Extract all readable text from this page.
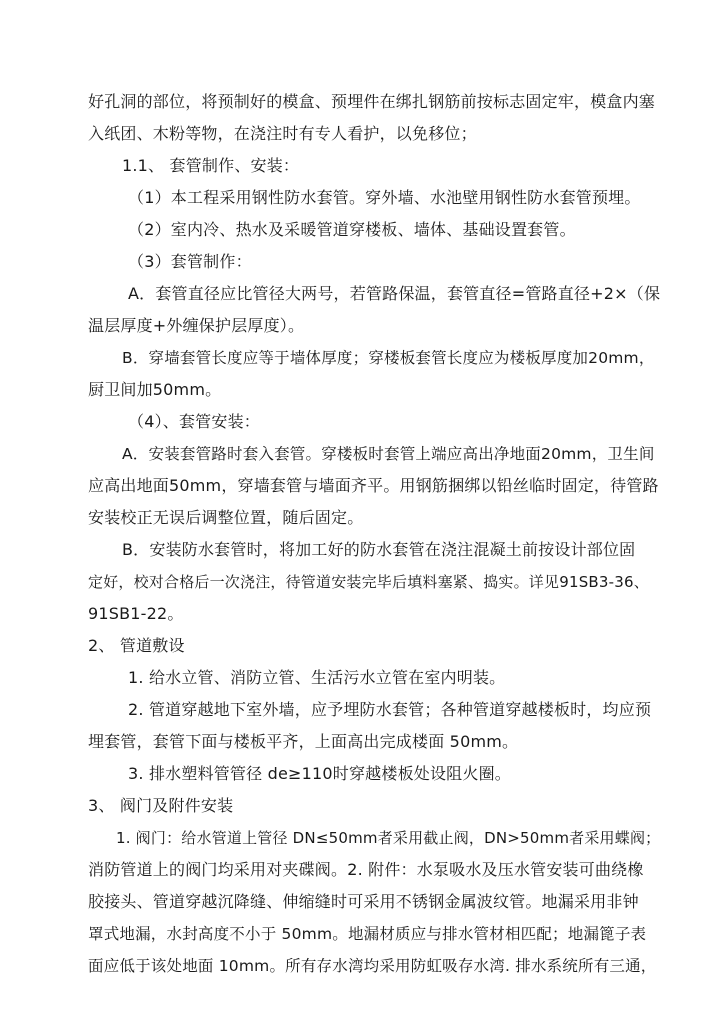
好孔洞的部位，将预制好的模盒、预埋件在绑扎钢筋前按标志固定牢，模盒内塞
入纸团、木粉等物，在浇注时有专人看护，以免移位；
1.1、 套管制作、安装：
（1）本工程采用钢性防水套管。穿外墙、水池壁用钢性防水套管预埋。
（2）室内冷、热水及采暖管道穿楼板、墙体、基础设置套管。
（3）套管制作：
A．套管直径应比管径大两号，若管路保温，套管直径=管路直径+2×（保
温层厚度+外缠保护层厚度）。
B．穿墙套管长度应等于墙体厚度；穿楼板套管长度应为楼板厚度加20mm，
厨卫间加50mm。
（4）、套管安装：
A．安装套管路时套入套管。穿楼板时套管上端应高出净地面20mm，卫生间
应高出地面50mm，穿墙套管与墙面齐平。用钢筋捆绑以铅丝临时固定，待管路
安装校正无误后调整位置，随后固定。
B．安装防水套管时，将加工好的防水套管在浇注混凝土前按设计部位固
定好，校对合格后一次浇注，待管道安装完毕后填料塞紧、捣实。详见91SB3-36、
91SB1-22。
2、 管道敷设
1. 给水立管、消防立管、生活污水立管在室内明装。
2. 管道穿越地下室外墙，应予埋防水套管；各种管道穿越楼板时，均应预
埋套管，套管下面与楼板平齐，上面高出完成楼面 50mm。
3. 排水塑料管管径 de≥110时穿越楼板处设阻火圈。
3、 阀门及附件安装
1. 阀门：给水管道上管径 DN≤50mm者采用截止阀，DN>50mm者采用蝶阀；
消防管道上的阀门均采用对夹碟阀。2. 附件：水泵吸水及压水管安装可曲绕橡
胶接头、管道穿越沉降缝、伸缩缝时可采用不锈钢金属波纹管。地漏采用非钟
罩式地漏，水封高度不小于 50mm。地漏材质应与排水管材相匹配；地漏篦子表
面应低于该处地面 10mm。所有存水湾均采用防虹吸存水湾. 排水系统所有三通，
